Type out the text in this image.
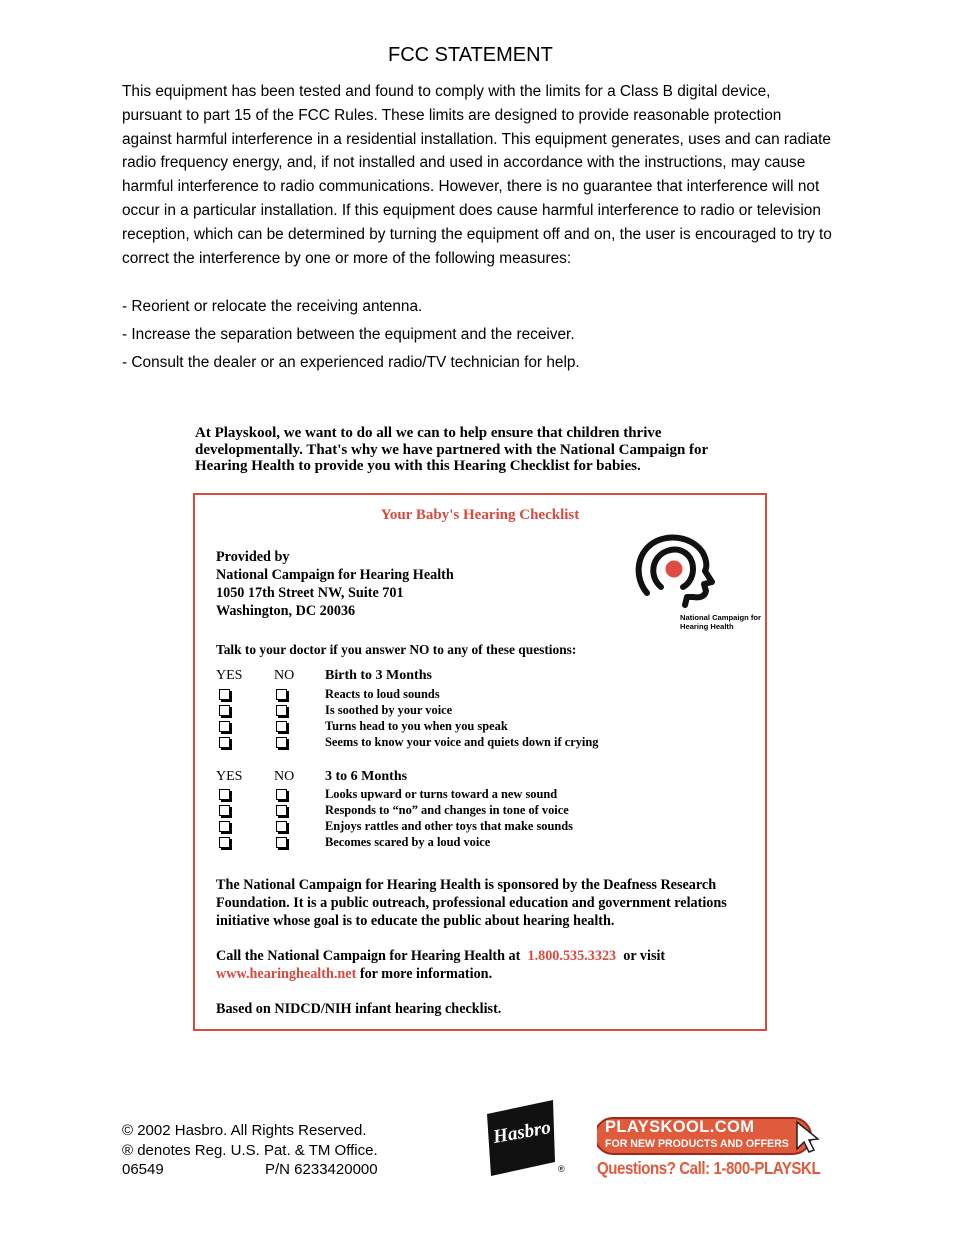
FCC STATEMENT
This equipment has been tested and found to comply with the limits for a Class B digital device, pursuant to part 15 of the FCC Rules. These limits are designed to provide reasonable protection against harmful interference in a residential installation. This equipment generates, uses and can radiate radio frequency energy, and, if not installed and used in accordance with the instructions, may cause harmful interference to radio communications. However, there is no guarantee that interference will not occur in a particular installation. If this equipment does cause harmful interference to radio or television reception, which can be determined by turning the equipment off and on, the user is encouraged to try to correct the interference by one or more of the following measures:
- Reorient or relocate the receiving antenna.
- Increase the separation between the equipment and the receiver.
- Consult the dealer or an experienced radio/TV technician for help.
At Playskool, we want to do all we can to help ensure that children thrive developmentally. That's why we have partnered with the National Campaign for Hearing Health to provide you with this Hearing Checklist for babies.
Your Baby's Hearing Checklist
Provided by
National Campaign for Hearing Health
1050 17th Street NW, Suite 701
Washington, DC 20036	National Campaign for
Hearing Health
Talk to your doctor if you answer NO to any of these questions:
YES NO Birth to 3 Months
Reacts to loud sounds
Is soothed by your voice
Turns head to you when you speak
Seems to know your voice and quiets down if crying
YES NO 3 to 6 Months
Looks upward or turns toward a new sound
Responds to “no” and changes in tone of voice
Enjoys rattles and other toys that make sounds
Becomes scared by a loud voice
The National Campaign for Hearing Health is sponsored by the Deafness Research Foundation. It is a public outreach, professional education and government relations initiative whose goal is to educate the public about hearing health.
Call the National Campaign for Hearing Health at 1.800.535.3323 or visit
www.hearinghealth.net for more information.
Based on NIDCD/NIH infant hearing checklist.
© 2002 Hasbro. All Rights Reserved.
® denotes Reg. U.S. Pat. & TM Office.
06549	P/N 6233420000
Hasbro
®
PLAYSKOOL.COM
FOR NEW PRODUCTS AND OFFERS
Questions? Call: 1-800-PLAYSKL
